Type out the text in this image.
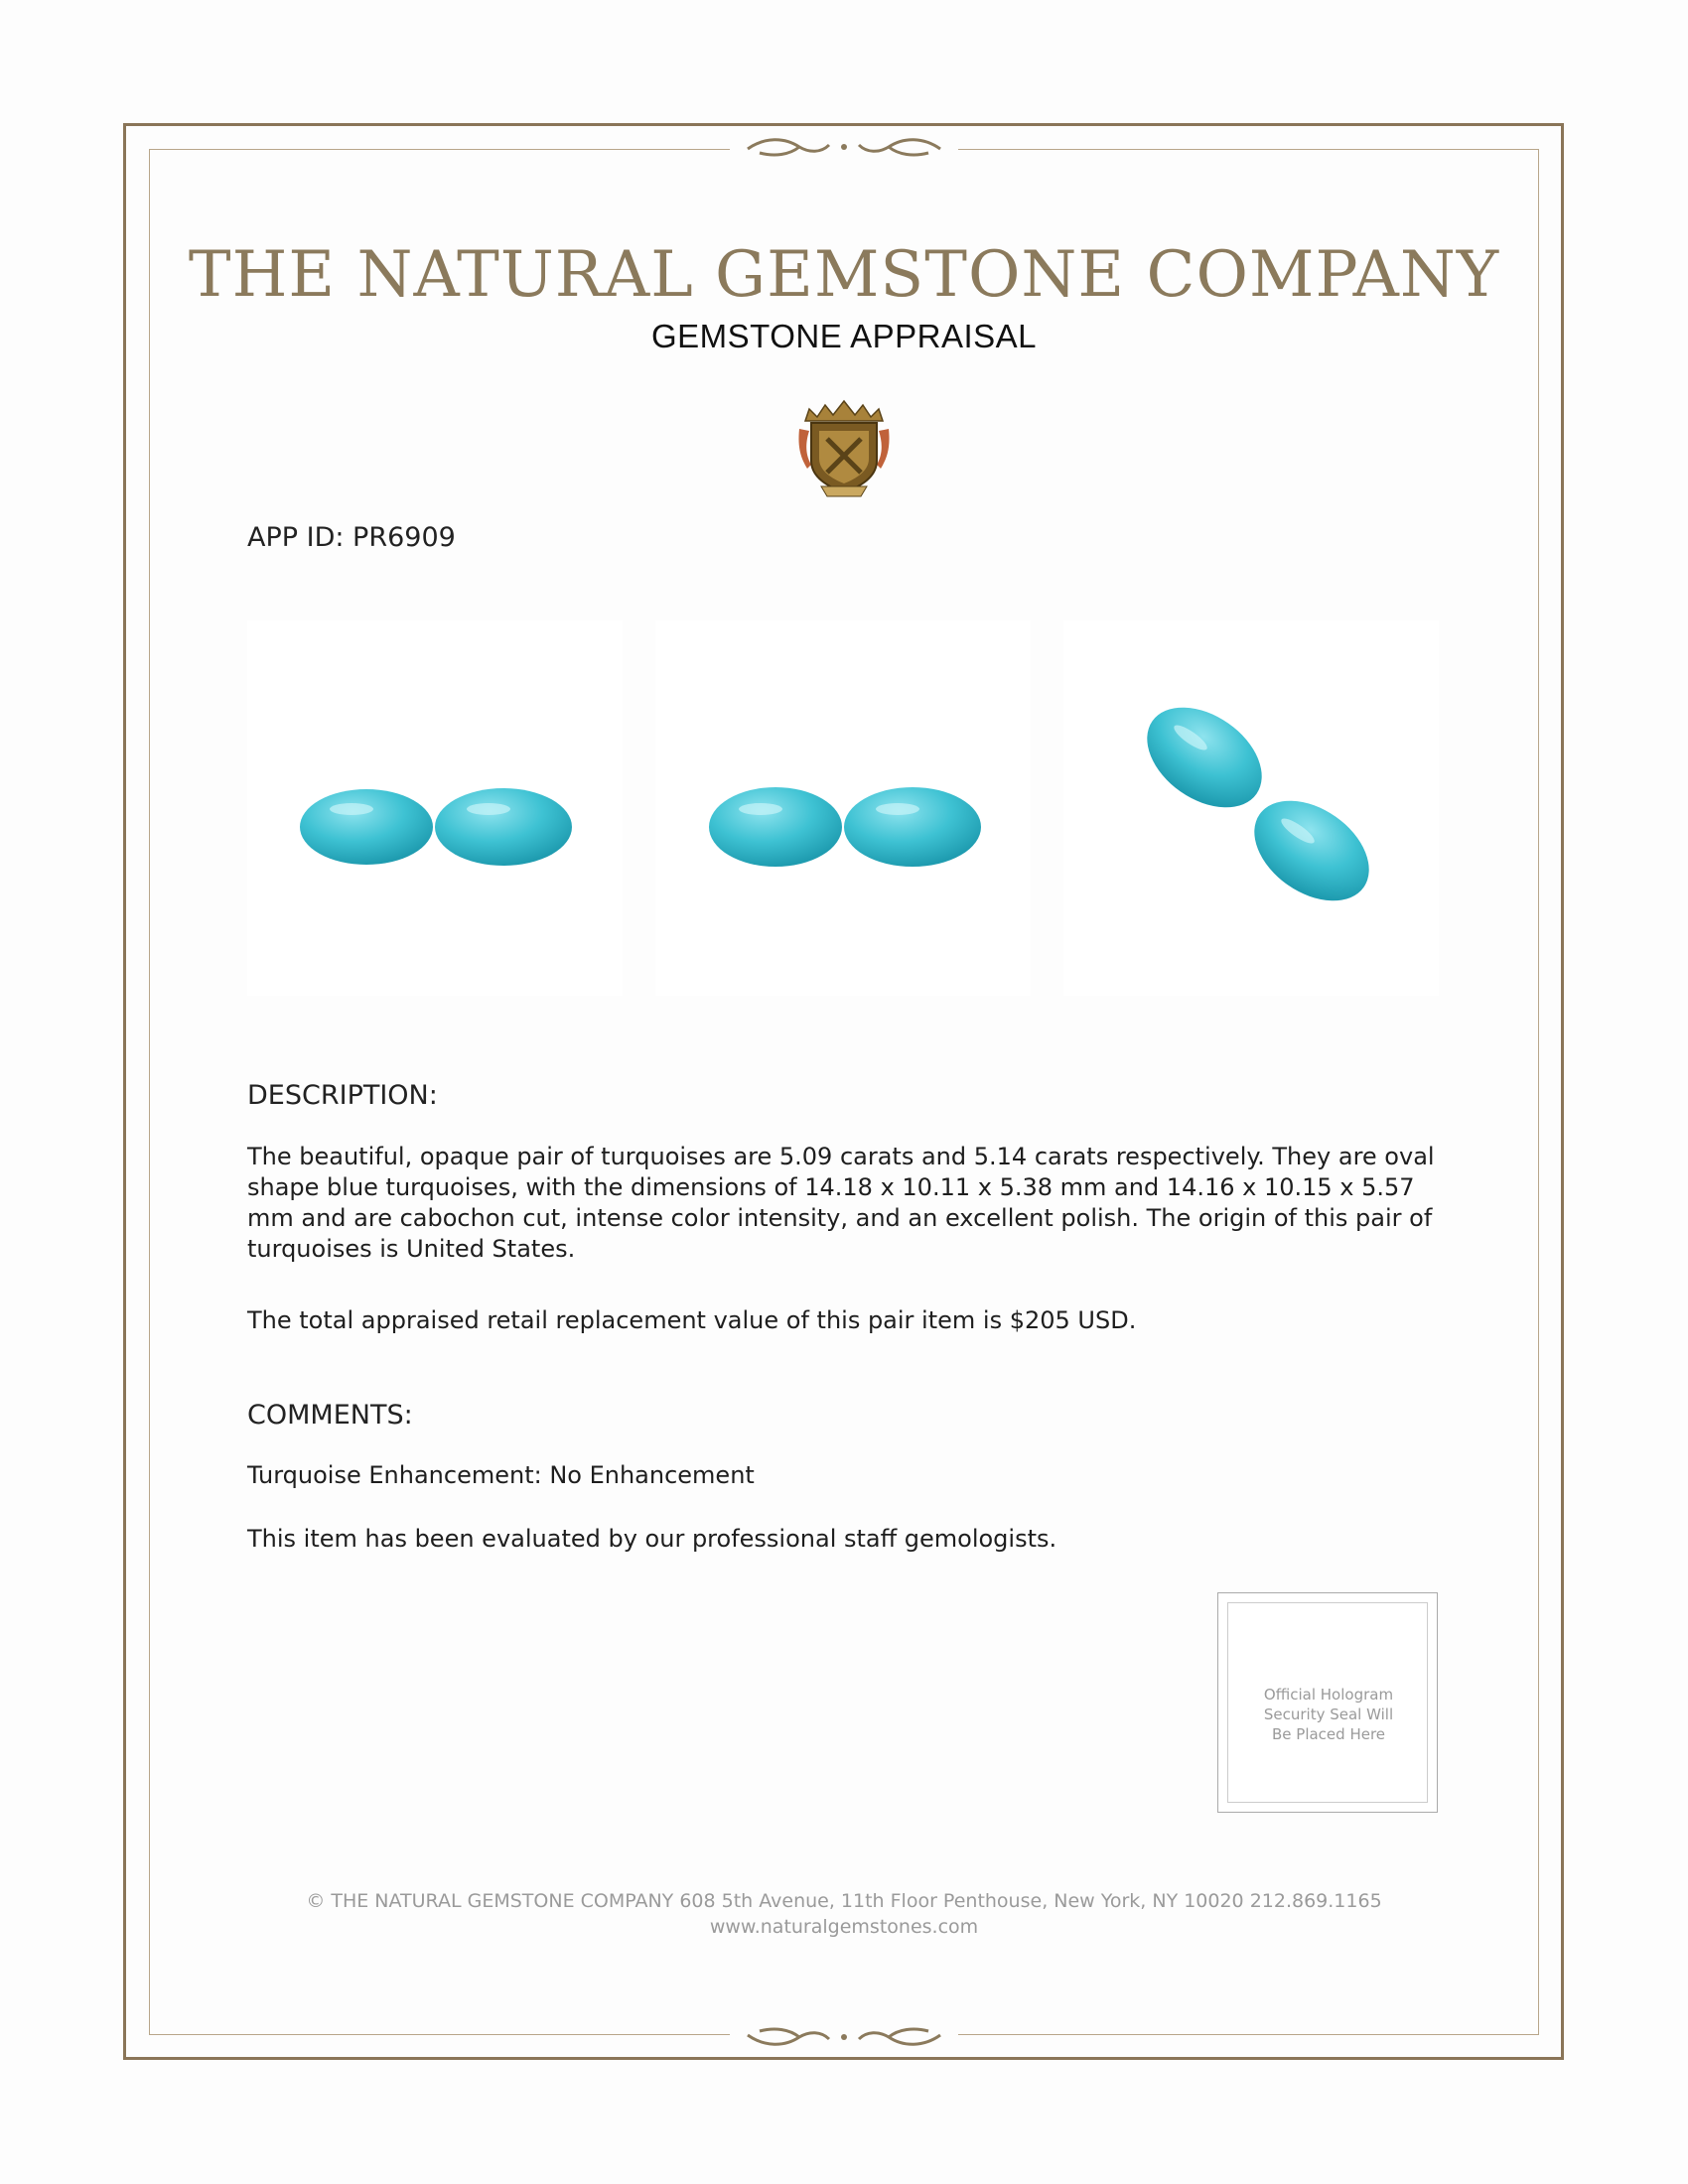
THE NATURAL GEMSTONE COMPANY
GEMSTONE APPRAISAL
APP ID: PR6909
DESCRIPTION:
The beautiful, opaque pair of turquoises are 5.09 carats and 5.14 carats respectively. They are oval shape blue turquoises, with the dimensions of 14.18 x 10.11 x 5.38 mm and 14.16 x 10.15 x 5.57 mm and are cabochon cut, intense color intensity, and an excellent polish. The origin of this pair of turquoises is United States.
The total appraised retail replacement value of this pair item is $205 USD.
COMMENTS:
Turquoise Enhancement: No Enhancement
This item has been evaluated by our professional staff gemologists.
Official Hologram
Security Seal Will
Be Placed Here
© THE NATURAL GEMSTONE COMPANY 608 5th Avenue, 11th Floor Penthouse, New York, NY 10020 212.869.1165
www.naturalgemstones.com
